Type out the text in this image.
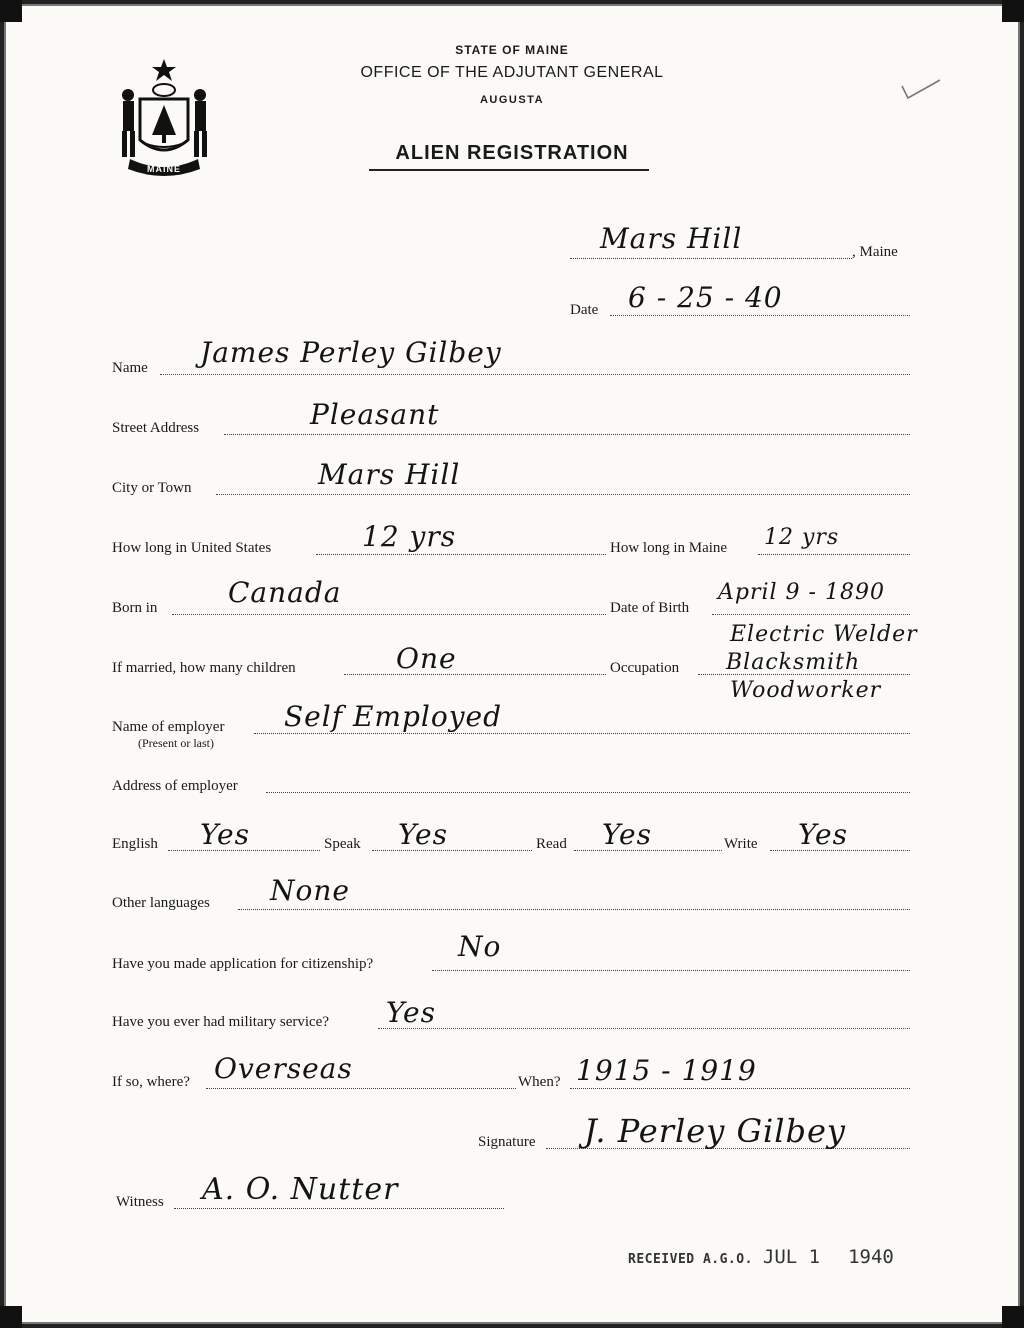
MAINE
STATE OF MAINE
OFFICE OF THE ADJUTANT GENERAL
AUGUSTA
ALIEN REGISTRATION
Mars Hill	, Maine
Date 6 - 25 - 40
Name James Perley Gilbey
Street Address	Pleasant
City or Town	Mars Hill
How long in United States	12 yrs	How long in Maine 12 yrs
Born in	Canada	Date of Birth
April 9 - 1890
If married, how many children	One	Occupation
Electric Welder
Blacksmith
Woodworker
Name of employer
(Present or last)
Self Employed
Address of employer
English Yes	Speak Yes	Read Yes	Write Yes
Other languages None
Have you made application for citizenship?
No
Have you ever had military service? Yes
If so, where? Overseas	When? 1915 - 1919
Signature J. Perley Gilbey
Witness A. O. Nutter
RECEIVED A.G.O. JUL 1 1940
